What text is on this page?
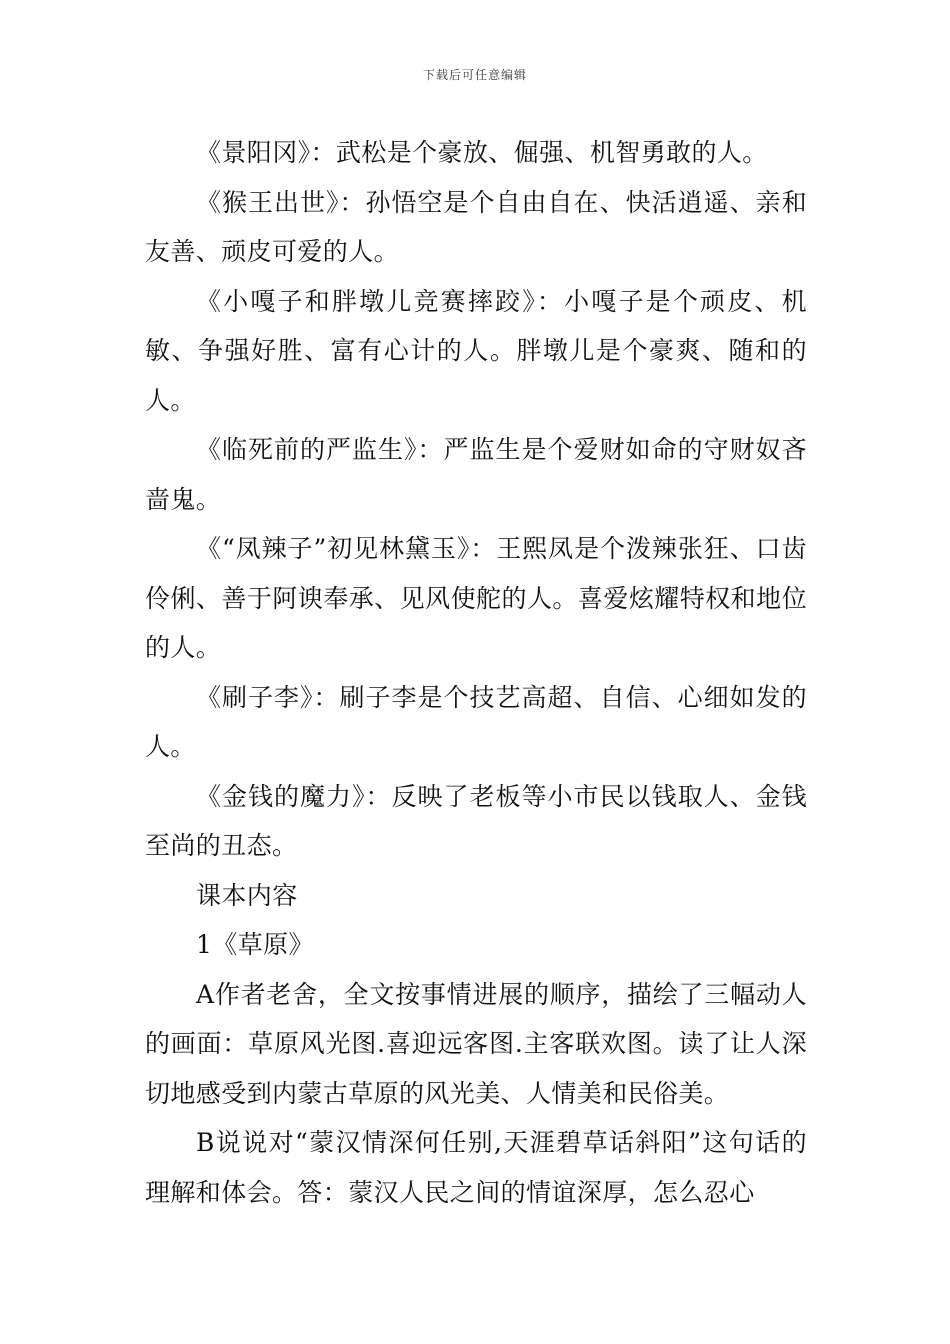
下载后可任意编辑

《景阳冈》：武松是个豪放、倔强、机智勇敢的人。

《猴王出世》：孙悟空是个自由自在、快活逍遥、亲和友善、顽皮可爱的人。

《小嘎子和胖墩儿竞赛摔跤》：小嘎子是个顽皮、机敏、争强好胜、富有心计的人。胖墩儿是个豪爽、随和的人。

《临死前的严监生》：严监生是个爱财如命的守财奴吝啬鬼。

《“凤辣子”初见林黛玉》：王熙凤是个泼辣张狂、口齿伶俐、善于阿谀奉承、见风使舵的人。喜爱炫耀特权和地位的人。

《刷子李》：刷子李是个技艺高超、自信、心细如发的人。

《金钱的魔力》：反映了老板等小市民以钱取人、金钱至尚的丑态。

课本内容

1《草原》

A作者老舍，全文按事情进展的顺序，描绘了三幅动人的画面：草原风光图.喜迎远客图.主客联欢图。读了让人深切地感受到内蒙古草原的风光美、人情美和民俗美。

B说说对“蒙汉情深何任别,天涯碧草话斜阳”这句话的理解和体会。答：蒙汉人民之间的情谊深厚，怎么忍心
